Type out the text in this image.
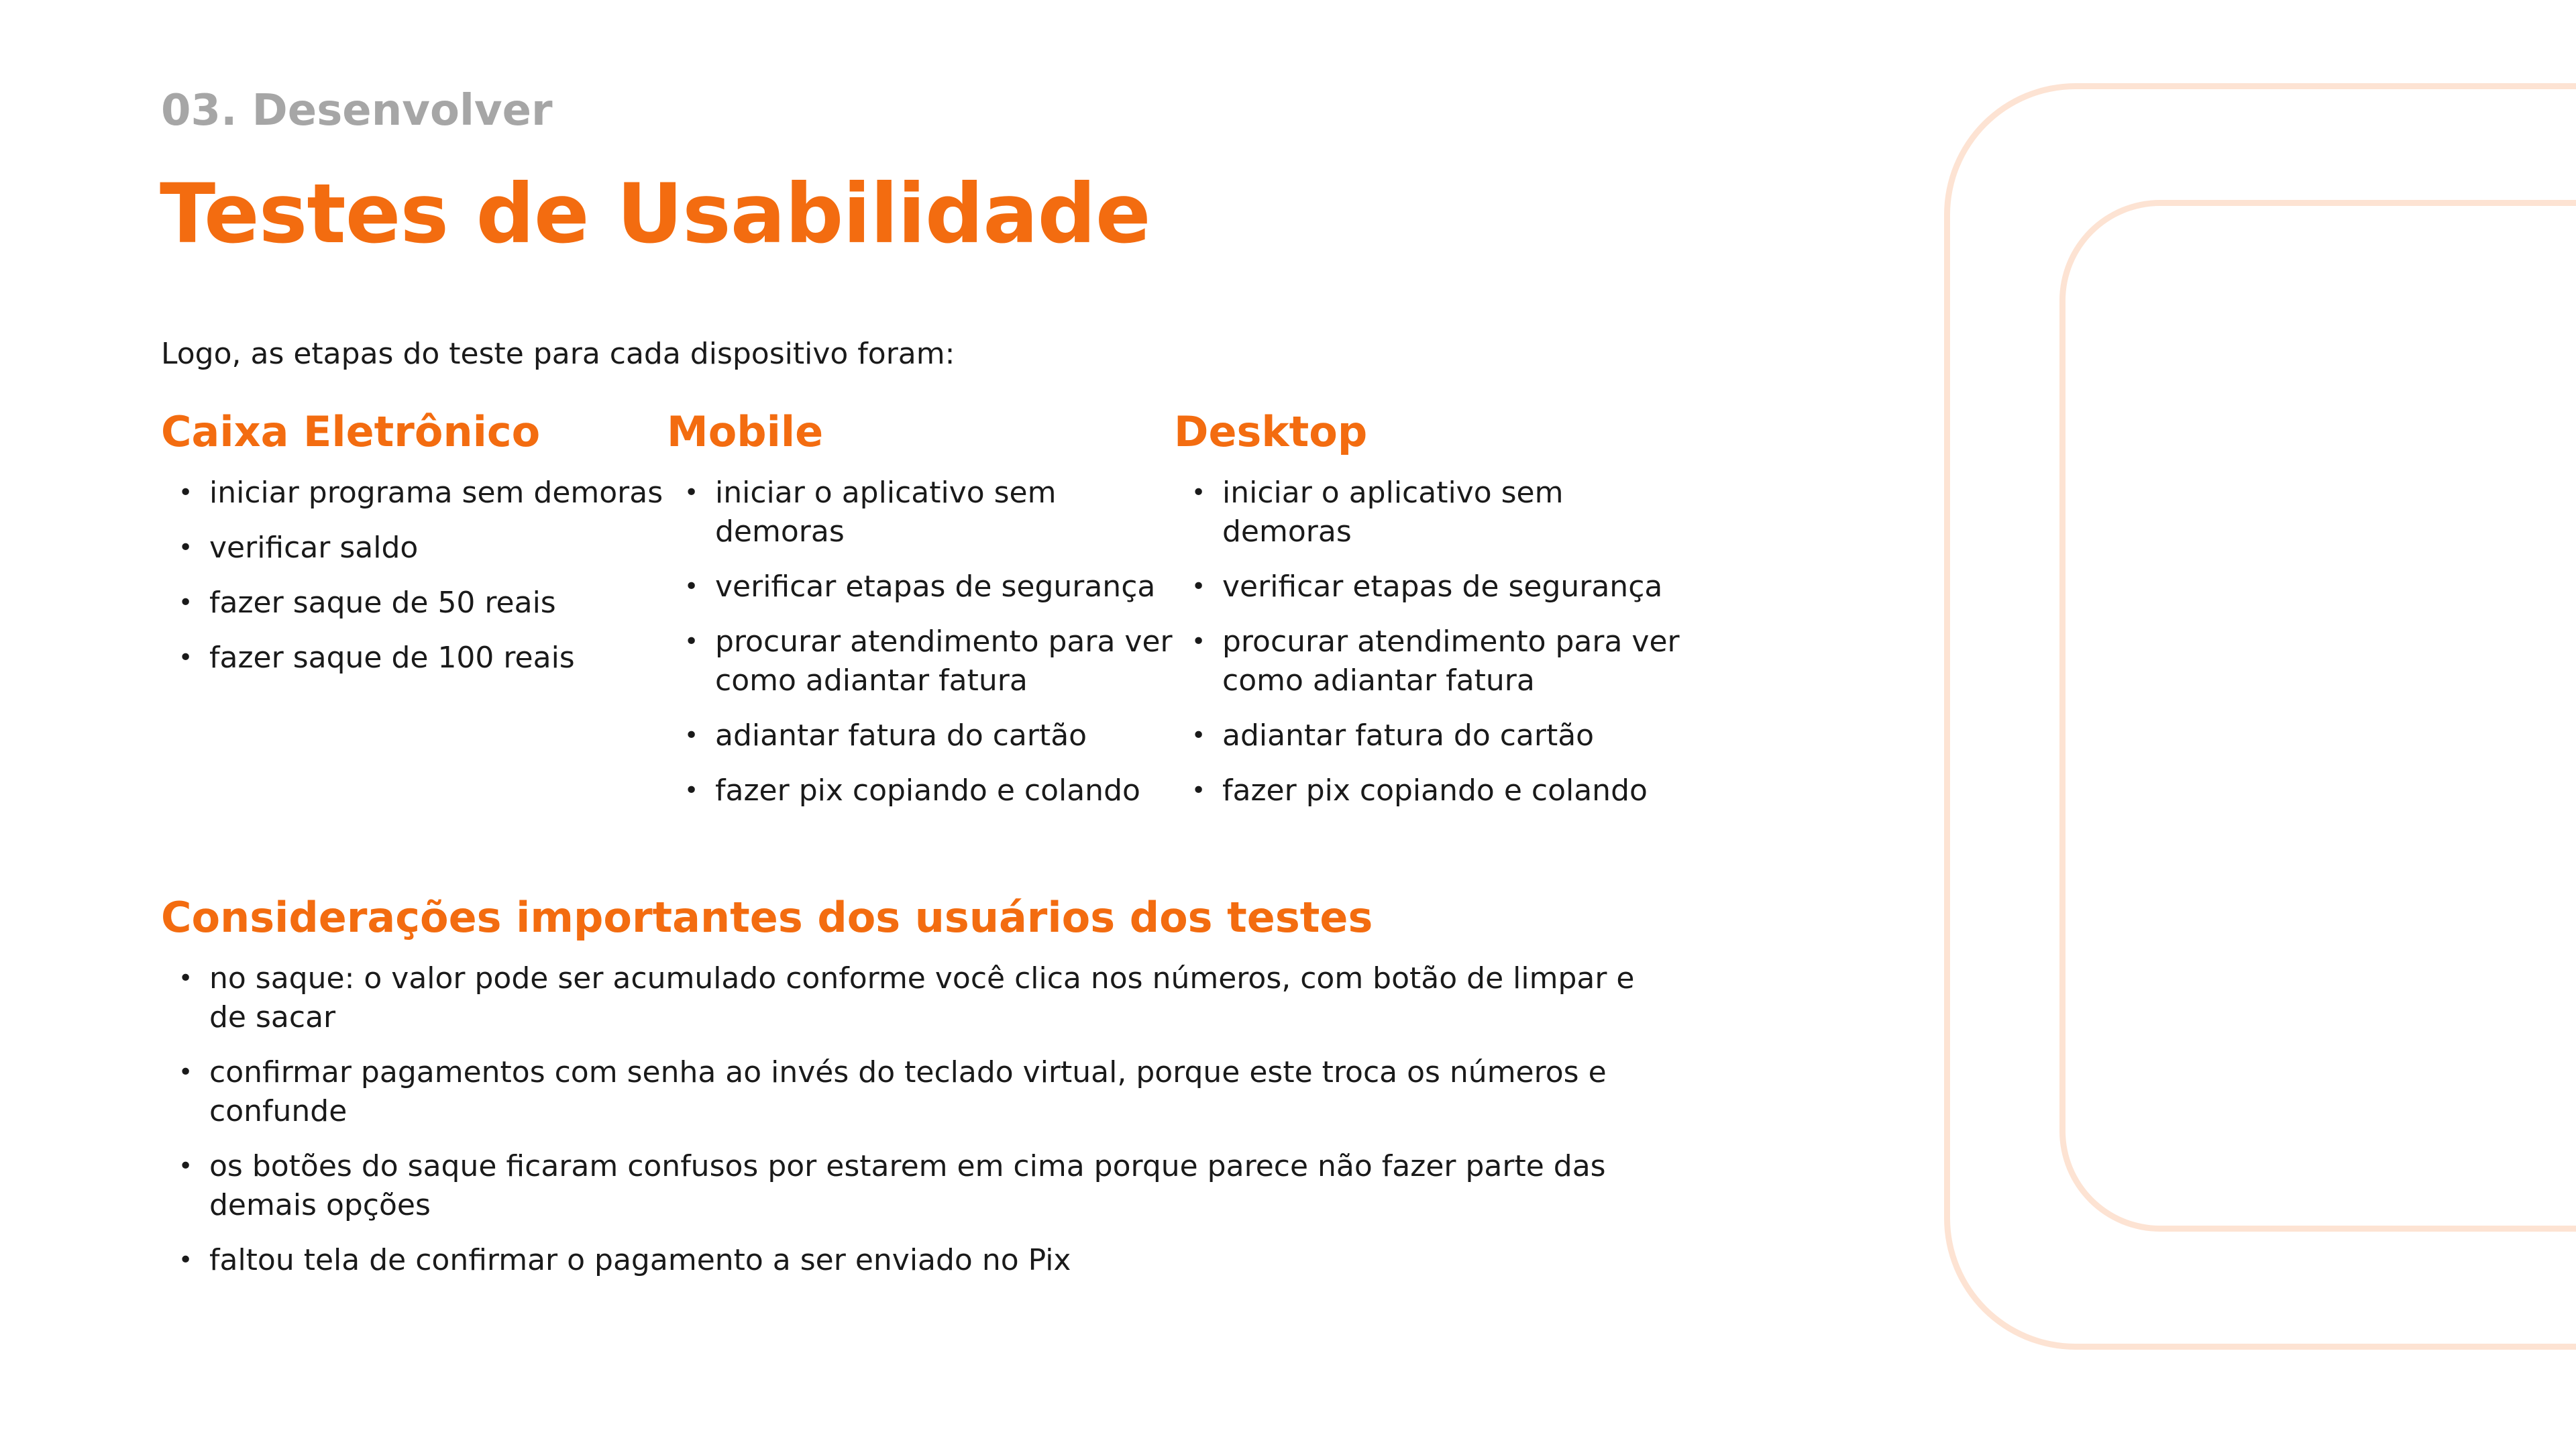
03. Desenvolver

Testes de Usabilidade

Logo, as etapas do teste para cada dispositivo foram:

Caixa Eletrônico
• iniciar programa sem demoras
• verificar saldo
• fazer saque de 50 reais
• fazer saque de 100 reais
Mobile
• iniciar o aplicativo sem demoras
• verificar etapas de segurança
• procurar atendimento para ver como adiantar fatura
• adiantar fatura do cartão
• fazer pix copiando e colando
Desktop
• iniciar o aplicativo sem demoras
• verificar etapas de segurança
• procurar atendimento para ver como adiantar fatura
• adiantar fatura do cartão
• fazer pix copiando e colando
Considerações importantes dos usuários dos testes
• no saque: o valor pode ser acumulado conforme você clica nos números, com botão de limpar e de sacar
• confirmar pagamentos com senha ao invés do teclado virtual, porque este troca os números e confunde
• os botões do saque ficaram confusos por estarem em cima porque parece não fazer parte das demais opções
• faltou tela de confirmar o pagamento a ser enviado no Pix
